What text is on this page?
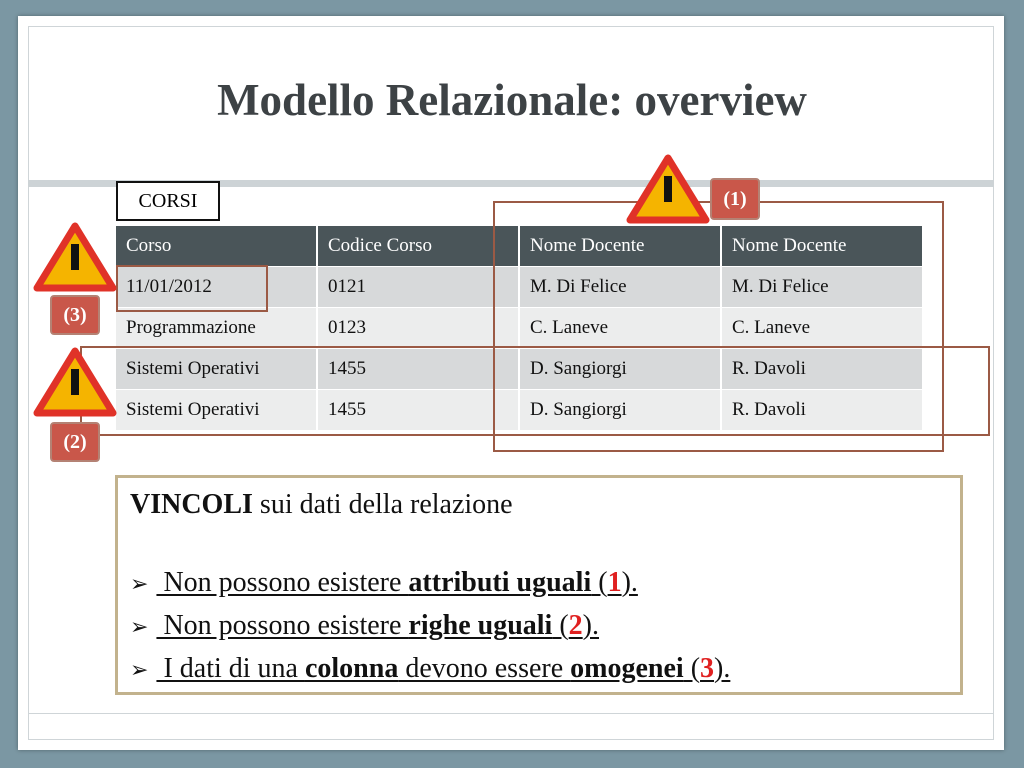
Modello Relazionale: overview
CORSI
Corso	Codice Corso	Nome Docente	Nome Docente
11/01/2012	0121	M. Di Felice	M. Di Felice
Programmazione	0123	C. Laneve	C. Laneve
Sistemi Operativi	1455	D. Sangiorgi	R. Davoli
Sistemi Operativi	1455	D. Sangiorgi	R. Davoli
(1)
(3)
(2)
VINCOLI sui dati della relazione
➢ Non possono esistere attributi uguali (1).
➢ Non possono esistere righe uguali (2).
➢ I dati di una colonna devono essere omogenei (3).
